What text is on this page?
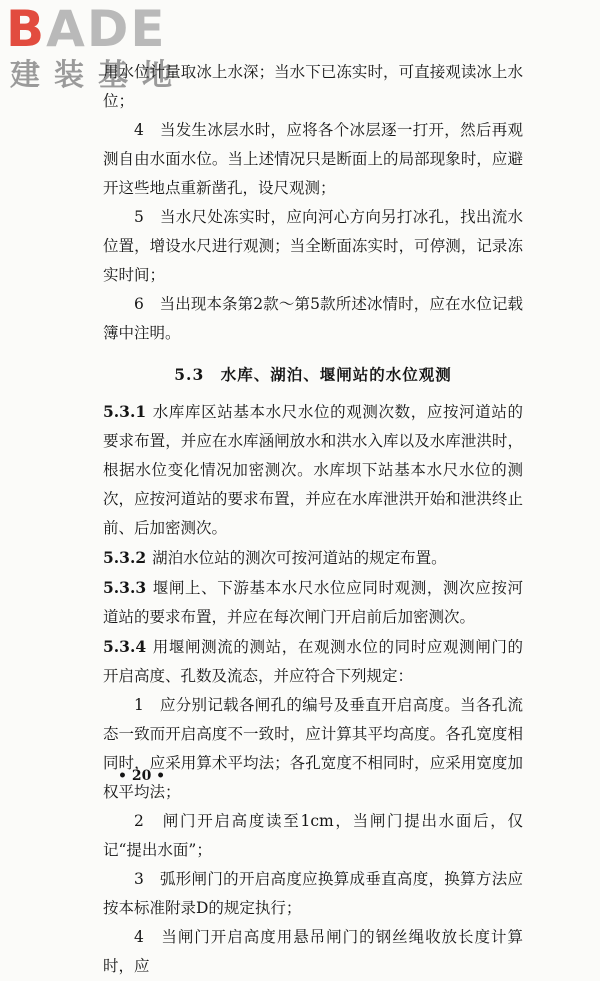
BADE
建装基地

用水位计量取冰上水深；当水下已冻实时，可直接观读冰上水位；

4　当发生冰层水时，应将各个冰层逐一打开，然后再观测自由水面水位。当上述情况只是断面上的局部现象时，应避开这些地点重新凿孔，设尺观测；

5　当水尺处冻实时，应向河心方向另打冰孔，找出流水位置，增设水尺进行观测；当全断面冻实时，可停测，记录冻实时间；

6　当出现本条第2款～第5款所述冰情时，应在水位记载簿中注明。

5.3　水库、湖泊、堰闸站的水位观测

5.3.1 水库库区站基本水尺水位的观测次数，应按河道站的要求布置，并应在水库涵闸放水和洪水入库以及水库泄洪时，根据水位变化情况加密测次。水库坝下站基本水尺水位的测次，应按河道站的要求布置，并应在水库泄洪开始和泄洪终止前、后加密测次。

5.3.2 湖泊水位站的测次可按河道站的规定布置。

5.3.3 堰闸上、下游基本水尺水位应同时观测，测次应按河道站的要求布置，并应在每次闸门开启前后加密测次。

5.3.4 用堰闸测流的测站，在观测水位的同时应观测闸门的开启高度、孔数及流态，并应符合下列规定：

1　应分别记载各闸孔的编号及垂直开启高度。当各孔流态一致而开启高度不一致时，应计算其平均高度。各孔宽度相同时，应采用算术平均法；各孔宽度不相同时，应采用宽度加权平均法；

2　闸门开启高度读至1cm，当闸门提出水面后，仅记“提出水面”；

3　弧形闸门的开启高度应换算成垂直高度，换算方法应按本标准附录D的规定执行；

4　当闸门开启高度用悬吊闸门的钢丝绳收放长度计算时，应

• 20 •
